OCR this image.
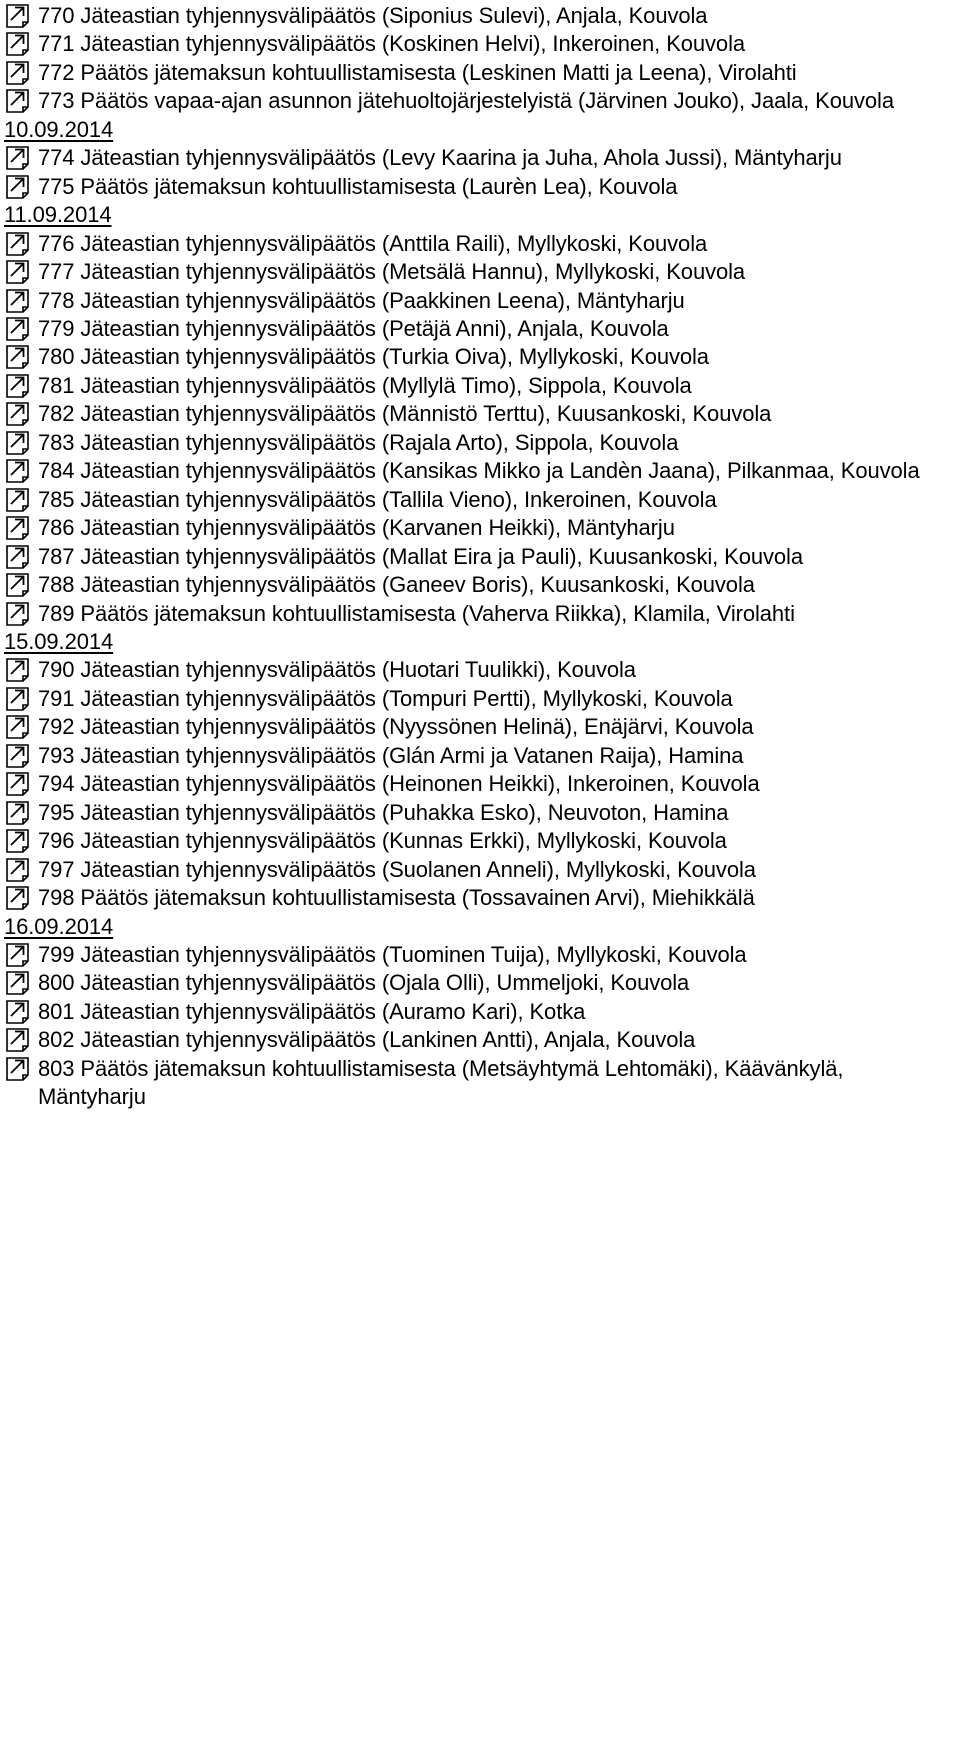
770 Jäteastian tyhjennysvälipäätös (Siponius Sulevi), Anjala, Kouvola
771 Jäteastian tyhjennysvälipäätös (Koskinen Helvi), Inkeroinen, Kouvola
772 Päätös jätemaksun kohtuullistamisesta (Leskinen Matti ja Leena), Virolahti
773 Päätös vapaa-ajan asunnon jätehuoltojärjestelyistä (Järvinen Jouko), Jaala, Kouvola
10.09.2014
774 Jäteastian tyhjennysvälipäätös (Levy Kaarina ja Juha, Ahola Jussi), Mäntyharju
775 Päätös jätemaksun kohtuullistamisesta (Laurèn Lea), Kouvola
11.09.2014
776 Jäteastian tyhjennysvälipäätös (Anttila Raili), Myllykoski, Kouvola
777 Jäteastian tyhjennysvälipäätös (Metsälä Hannu), Myllykoski, Kouvola
778 Jäteastian tyhjennysvälipäätös (Paakkinen Leena), Mäntyharju
779 Jäteastian tyhjennysvälipäätös (Petäjä Anni), Anjala, Kouvola
780 Jäteastian tyhjennysvälipäätös (Turkia Oiva), Myllykoski, Kouvola
781 Jäteastian tyhjennysvälipäätös (Myllylä Timo), Sippola, Kouvola
782 Jäteastian tyhjennysvälipäätös (Männistö Terttu), Kuusankoski, Kouvola
783 Jäteastian tyhjennysvälipäätös (Rajala Arto), Sippola, Kouvola
784 Jäteastian tyhjennysvälipäätös (Kansikas Mikko ja Landèn Jaana), Pilkanmaa, Kouvola
785 Jäteastian tyhjennysvälipäätös (Tallila Vieno), Inkeroinen, Kouvola
786 Jäteastian tyhjennysvälipäätös (Karvanen Heikki), Mäntyharju
787 Jäteastian tyhjennysvälipäätös (Mallat Eira ja Pauli), Kuusankoski, Kouvola
788 Jäteastian tyhjennysvälipäätös (Ganeev Boris), Kuusankoski, Kouvola
789 Päätös jätemaksun kohtuullistamisesta (Vaherva Riikka), Klamila, Virolahti
15.09.2014
790 Jäteastian tyhjennysvälipäätös (Huotari Tuulikki), Kouvola
791 Jäteastian tyhjennysvälipäätös (Tompuri Pertti), Myllykoski, Kouvola
792 Jäteastian tyhjennysvälipäätös (Nyyssönen Helinä), Enäjärvi, Kouvola
793 Jäteastian tyhjennysvälipäätös (Glán Armi ja Vatanen Raija), Hamina
794 Jäteastian tyhjennysvälipäätös (Heinonen Heikki), Inkeroinen, Kouvola
795 Jäteastian tyhjennysvälipäätös (Puhakka Esko), Neuvoton, Hamina
796 Jäteastian tyhjennysvälipäätös (Kunnas Erkki), Myllykoski, Kouvola
797 Jäteastian tyhjennysvälipäätös (Suolanen Anneli), Myllykoski, Kouvola
798 Päätös jätemaksun kohtuullistamisesta (Tossavainen Arvi), Miehikkälä
16.09.2014
799 Jäteastian tyhjennysvälipäätös (Tuominen Tuija), Myllykoski, Kouvola
800 Jäteastian tyhjennysvälipäätös (Ojala Olli), Ummeljoki, Kouvola
801 Jäteastian tyhjennysvälipäätös (Auramo Kari), Kotka
802 Jäteastian tyhjennysvälipäätös (Lankinen Antti), Anjala, Kouvola
803 Päätös jätemaksun kohtuullistamisesta (Metsäyhtymä Lehtomäki), Käävänkylä, Mäntyharju
